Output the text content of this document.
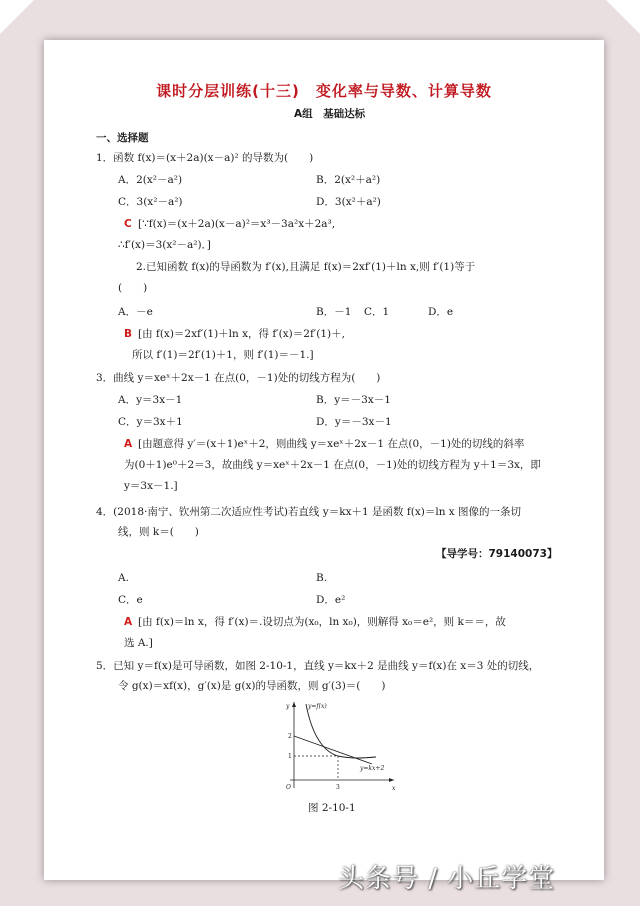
课时分层训练(十三)　变化率与导数、计算导数
A组　基础达标
一、选择题
1．函数 f(x)＝(x＋2a)(x－a)² 的导数为(　　)
A．2(x²－a²)	B．2(x²＋a²)
C．3(x²－a²)	D．3(x²＋a²)
C [∵f(x)＝(x＋2a)(x－a)²＝x³－3a²x＋2a³,
∴f′(x)＝3(x²－a²)．]
2.已知函数 f(x)的导函数为 f′(x),且满足 f(x)＝2xf′(1)＋ln x,则 f′(1)等于
(　　)
A．－e	B．－1 C．1	D．e
B [由 f(x)＝2xf′(1)＋ln x，得 f′(x)＝2f′(1)＋,
所以 f′(1)＝2f′(1)＋1，则 f′(1)＝－1.]
3．曲线 y＝xeˣ＋2x－1 在点(0，－1)处的切线方程为(　　)
A．y＝3x－1	B．y＝－3x－1
C．y＝3x＋1	D．y＝－3x－1
A [由题意得 y′＝(x＋1)eˣ＋2，则曲线 y＝xeˣ＋2x－1 在点(0，－1)处的切线的斜率
为(0＋1)e⁰＋2＝3，故曲线 y＝xeˣ＋2x－1 在点(0，－1)处的切线方程为 y＋1＝3x，即
y＝3x－1.]
4．(2018·南宁、钦州第二次适应性考试)若直线 y＝kx＋1 是函数 f(x)＝ln x 图像的一条切
线，则 k＝(　　)
【导学号：79140073】
A.	B.
C．e	D．e²
A [由 f(x)＝ln x，得 f′(x)＝.设切点为(x₀，ln x₀)，则解得 x₀＝e²，则 k＝＝，故
选 A.]
5．已知 y＝f(x)是可导函数，如图 2-10-1，直线 y＝kx＋2 是曲线 y＝f(x)在 x＝3 处的切线，
令 g(x)＝xf(x)，g′(x)是 g(x)的导函数，则 g′(3)＝(　　)
y=f(x)
y=kx+2
y
x
O
2
1
3
图 2-10-1
头条号 / 小丘学堂
